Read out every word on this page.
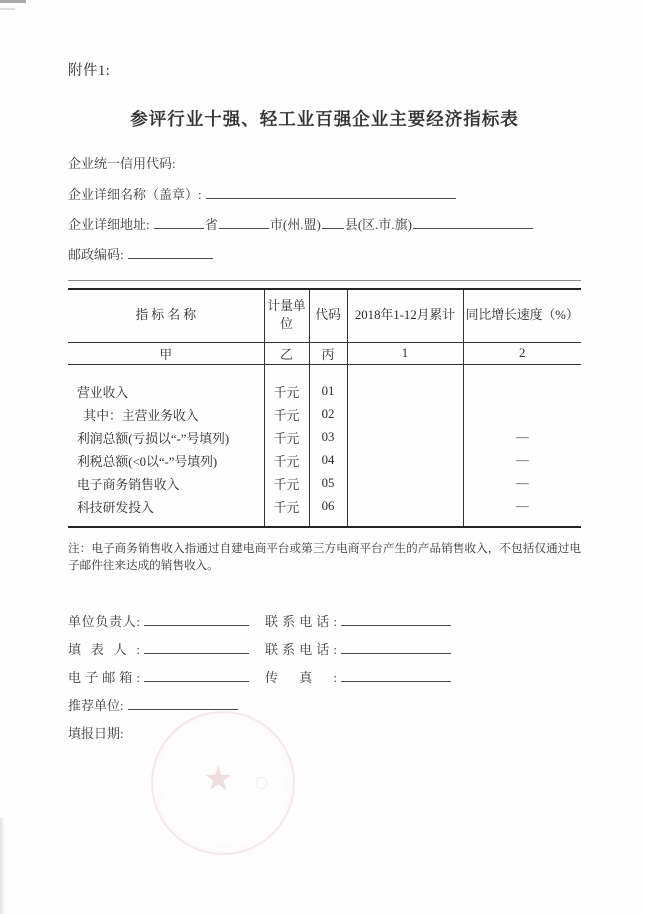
附件1:
参评行业十强、轻工业百强企业主要经济指标表
企业统一信用代码:
企业详细名称（盖章）:
企业详细地址:	省	市(州.盟) 县(区.市.旗)
邮政编码:
指 标 名 称	计量单位	代码	2018年1-12月累计	同比增长速度（%）
甲	乙	丙	1	2

营业收入	千元	01		
其中：主营业务收入	千元	02		
利润总额(亏损以“-”号填列)	千元	03		—
利税总额(<0以“-”号填列)	千元	04		—
电子商务销售收入	千元	05		—
科技研发投入	千元	06		—

注：电子商务销售收入指通过自建电商平台或第三方电商平台产生的产品销售收入，不包括仅通过电子邮件往来达成的销售收入。
单位负责人:	联系电话:
填表人:	联系电话:
电子邮箱:	传真:
推荐单位:
填报日期:
★ 〇
